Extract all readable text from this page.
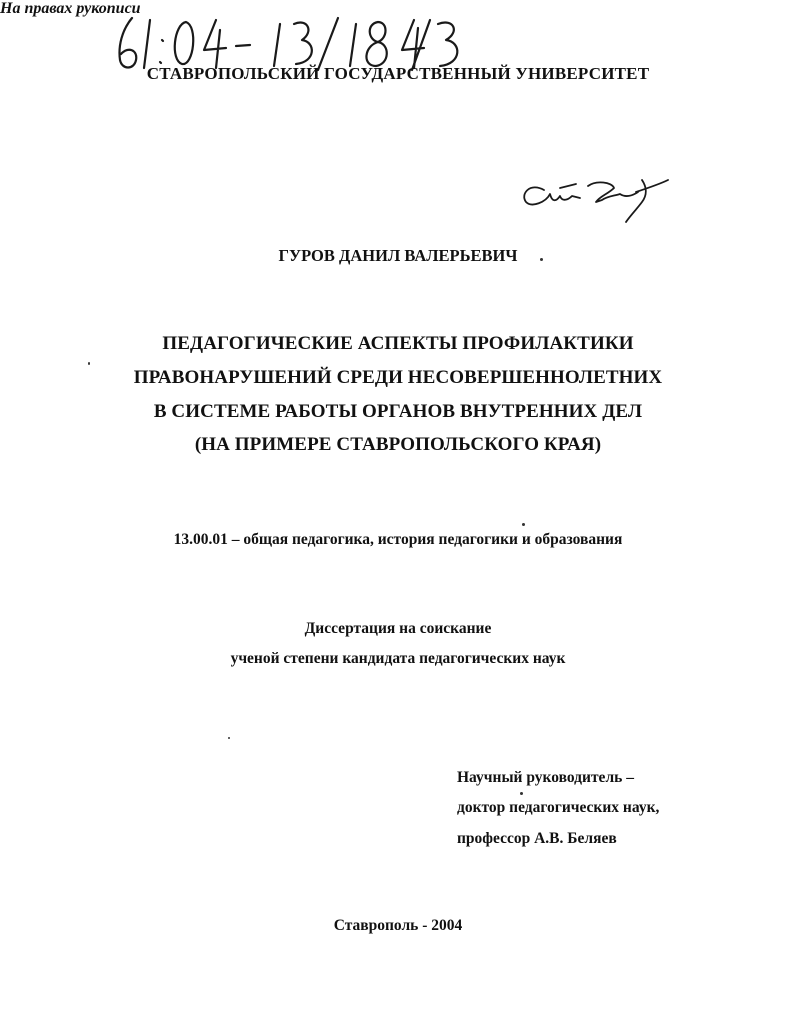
СТАВРОПОЛЬСКИЙ ГОСУДАРСТВЕННЫЙ УНИВЕРСИТЕТ
На правах рукописи
ГУРОВ ДАНИЛ ВАЛЕРЬЕВИЧ
ПЕДАГОГИЧЕСКИЕ АСПЕКТЫ ПРОФИЛАКТИКИ
ПРАВОНАРУШЕНИЙ СРЕДИ НЕСОВЕРШЕННОЛЕТНИХ
В СИСТЕМЕ РАБОТЫ ОРГАНОВ ВНУТРЕННИХ ДЕЛ
(НА ПРИМЕРЕ СТАВРОПОЛЬСКОГО КРАЯ)
13.00.01 – общая педагогика, история педагогики и образования
Диссертация на соискание
ученой степени кандидата педагогических наук
Научный руководитель –
доктор педагогических наук,
профессор А.В. Беляев
Ставрополь - 2004
